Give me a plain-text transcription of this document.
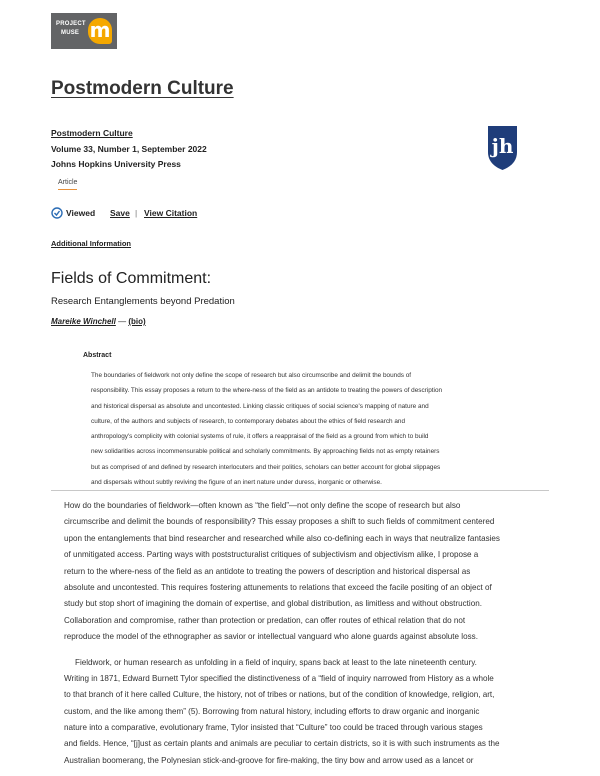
PROJECT
MUSE m
Postmodern Culture
Postmodern Culture
Volume 33, Number 1, September 2022
Johns Hopkins University Press
Article
jh
Viewed Save | View Citation
Additional Information
Fields of Commitment:
Research Entanglements beyond Predation
Mareike Winchell — (bio)
Abstract
The boundaries of fieldwork not only define the scope of research but also circumscribe and delimit the bounds of
responsibility. This essay proposes a return to the where-ness of the field as an antidote to treating the powers of description
and historical dispersal as absolute and uncontested. Linking classic critiques of social science's mapping of nature and
culture, of the authors and subjects of research, to contemporary debates about the ethics of field research and
anthropology's complicity with colonial systems of rule, it offers a reappraisal of the field as a ground from which to build
new solidarities across incommensurable political and scholarly commitments. By approaching fields not as empty retainers
but as comprised of and defined by research interlocuters and their politics, scholars can better account for global slippages
and dispersals without subtly reviving the figure of an inert nature under duress, inorganic or otherwise.
How do the boundaries of fieldwork—often known as “the field”—not only define the scope of research but also
circumscribe and delimit the bounds of responsibility? This essay proposes a shift to such fields of commitment centered
upon the entanglements that bind researcher and researched while also co-defining each in ways that neutralize fantasies
of unmitigated access. Parting ways with poststructuralist critiques of subjectivism and objectivism alike, I propose a
return to the where-ness of the field as an antidote to treating the powers of description and historical dispersal as
absolute and uncontested. This requires fostering attunements to relations that exceed the facile positing of an object of
study but stop short of imagining the domain of expertise, and global distribution, as limitless and without obstruction.
Collaboration and compromise, rather than protection or predation, can offer routes of ethical relation that do not
reproduce the model of the ethnographer as savior or intellectual vanguard who alone guards against absolute loss.
Fieldwork, or human research as unfolding in a field of inquiry, spans back at least to the late nineteenth century.
Writing in 1871, Edward Burnett Tylor specified the distinctiveness of a “field of inquiry narrowed from History as a whole
to that branch of it here called Culture, the history, not of tribes or nations, but of the condition of knowledge, religion, art,
custom, and the like among them” (5). Borrowing from natural history, including efforts to draw organic and inorganic
nature into a comparative, evolutionary frame, Tylor insisted that “Culture” too could be traced through various stages
and fields. Hence, “[j]ust as certain plants and animals are peculiar to certain districts, so it is with such instruments as the
Australian boomerang, the Polynesian stick-and-groove for fire-making, the tiny bow and arrow used as a lancet or
